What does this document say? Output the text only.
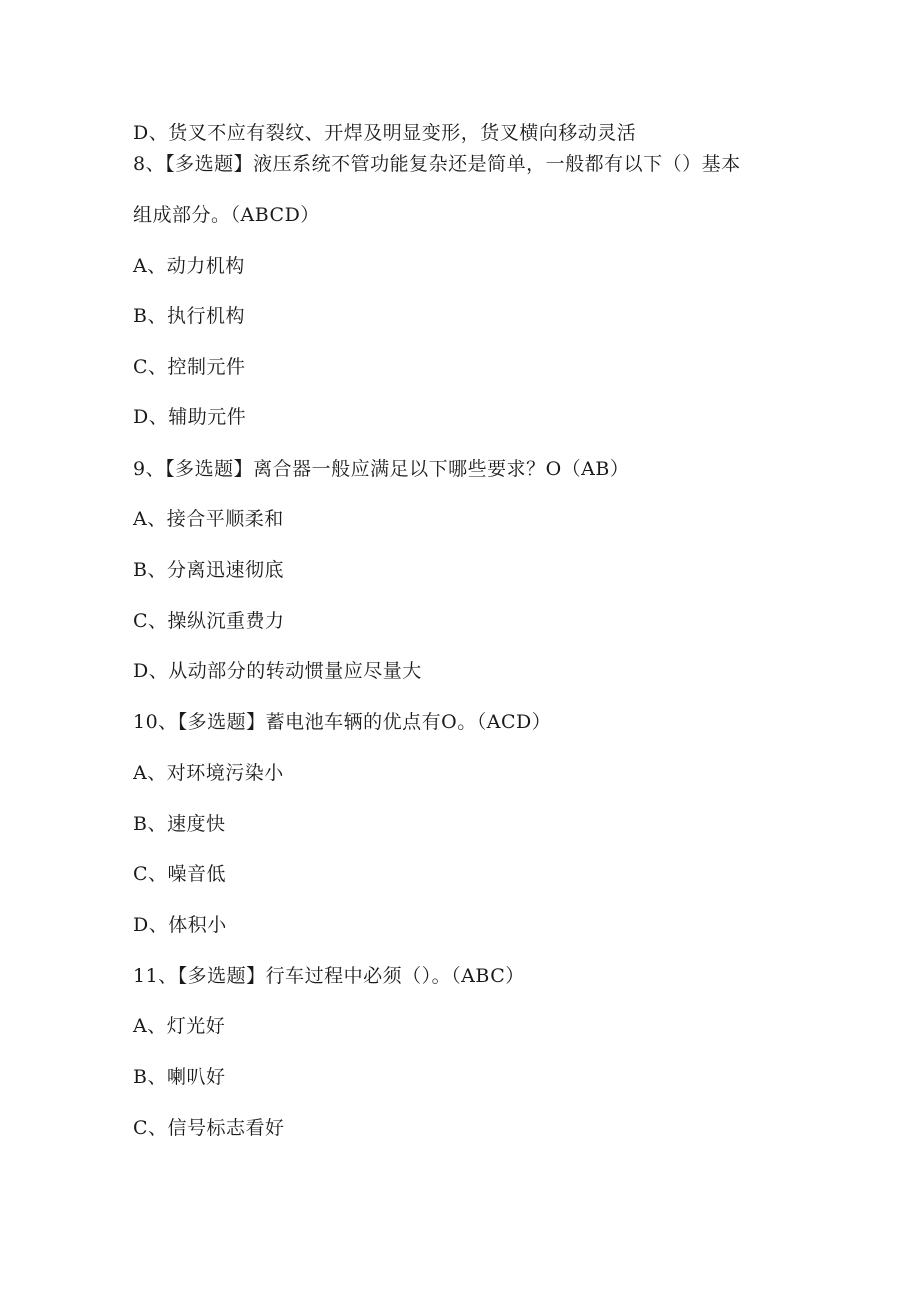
D、货叉不应有裂纹、开焊及明显变形，货叉横向移动灵活
8、【多选题】液压系统不管功能复杂还是简单，一般都有以下（）基本
组成部分。（ABCD）
A、动力机构
B、执行机构
C、控制元件
D、辅助元件
9、【多选题】离合器一般应满足以下哪些要求？O（AB）
A、接合平顺柔和
B、分离迅速彻底
C、操纵沉重费力
D、从动部分的转动惯量应尽量大
10、【多选题】蓄电池车辆的优点有O。（ACD）
A、对环境污染小
B、速度快
C、噪音低
D、体积小
11、【多选题】行车过程中必须（）。（ABC）
A、灯光好
B、喇叭好
C、信号标志看好
